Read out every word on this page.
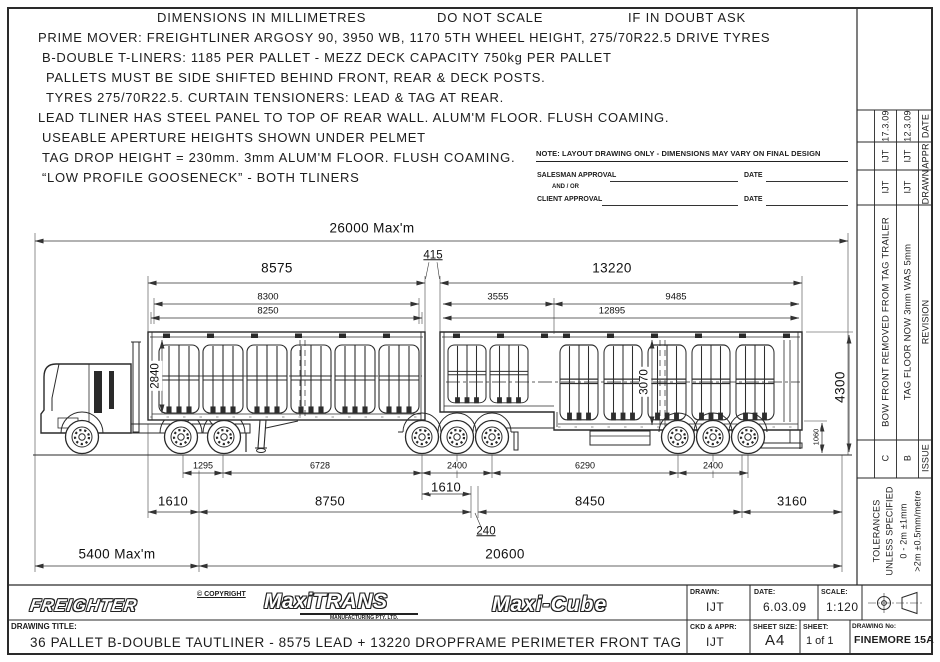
DIMENSIONS IN MILLIMETRES	DO NOT SCALE	IF IN DOUBT ASK
PRIME MOVER: FREIGHTLINER ARGOSY 90, 3950 WB, 1170 5TH WHEEL HEIGHT, 275/70R22.5 DRIVE TYRES
B-DOUBLE T-LINERS: 1185 PER PALLET - MEZZ DECK CAPACITY 750kg PER PALLET
PALLETS MUST BE SIDE SHIFTED BEHIND FRONT, REAR & DECK POSTS.
TYRES 275/70R22.5. CURTAIN TENSIONERS: LEAD & TAG AT REAR.
LEAD TLINER HAS STEEL PANEL TO TOP OF REAR WALL. ALUM'M FLOOR. FLUSH COAMING.
USEABLE APERTURE HEIGHTS SHOWN UNDER PELMET
TAG DROP HEIGHT = 230mm. 3mm ALUM'M FLOOR. FLUSH COAMING.
“LOW PROFILE GOOSENECK” - BOTH TLINERS
NOTE: LAYOUT DRAWING ONLY - DIMENSIONS MAY VARY ON FINAL DESIGN
SALESMAN APPROVAL	DATE
AND / OR
CLIENT APPROVAL	DATE
26000 Max'm
8575
415
13220
8300
8250
3555	9485
12895
2840	3070	4300
1060
1295	6728	2400	6290	2400
1610
1610	8750
240
8450	3160
5400 Max'm	20600
17.3.09 12.3.09 DATE
IJT IJT APPR
IJT IJT DRAWN
BOW FRONT REMOVED FROM TAG TRAILER TAG FLOOR NOW 3mm WAS 5mm REVISION
C B ISSUE
TOLERANCES UNLESS SPECIFIED 0 - 2m ±1mm >2m ±0.5mm/metre
FREIGHTER
© COPYRIGHT MaxiTRANS
MANUFACTURING PTY. LTD.
Maxi-Cube
DRAWN:
IJT
DATE:
6.03.09
SCALE:
1:120
CKD & APPR:
IJT
SHEET SIZE:
A4
SHEET:
1 of 1
DRAWING No:
FINEMORE 15A
DRAWING TITLE:
36 PALLET B-DOUBLE TAUTLINER - 8575 LEAD + 13220 DROPFRAME PERIMETER FRONT TAG
